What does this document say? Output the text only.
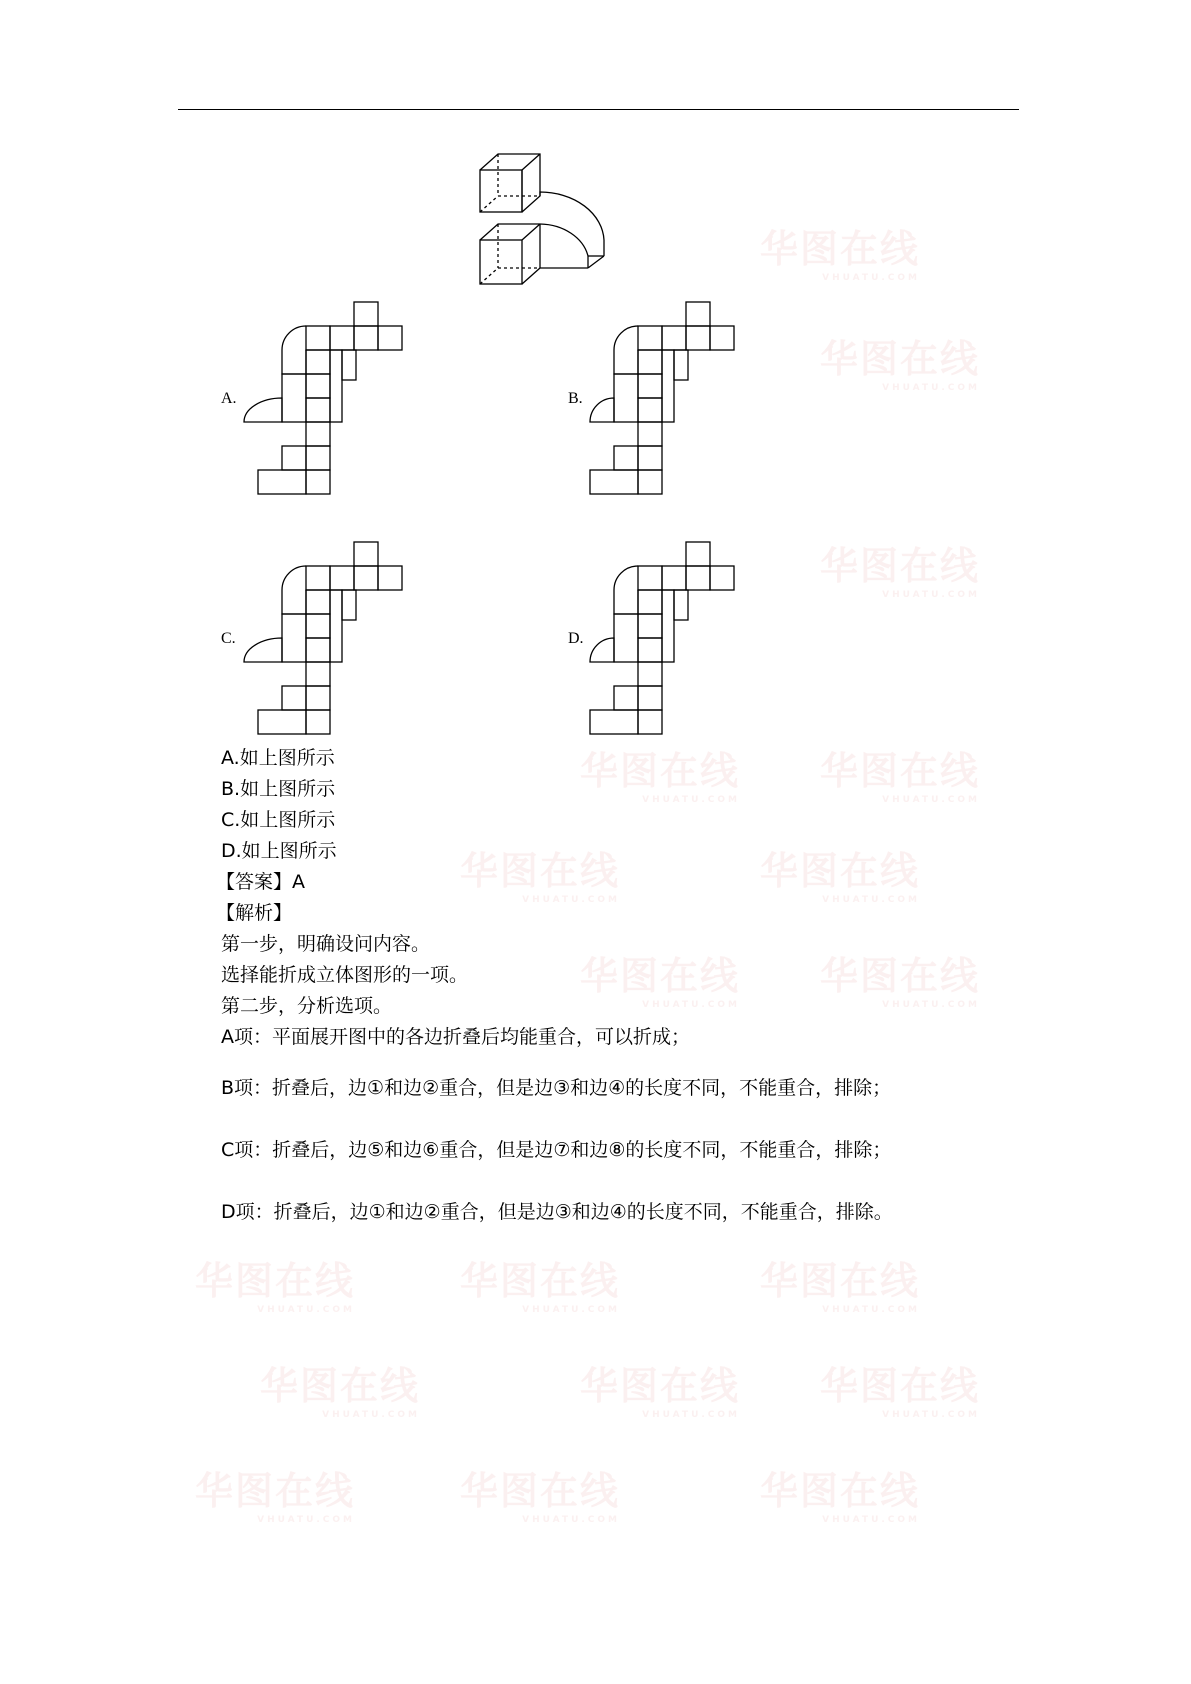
华图在线
VHUATU.COM
华图在线
VHUATU.COM
华图在线
VHUATU.COM
华图在线
VHUATU.COM
华图在线
VHUATU.COM
华图在线
VHUATU.COM
华图在线
VHUATU.COM
华图在线
VHUATU.COM
华图在线
VHUATU.COM
华图在线
VHUATU.COM
华图在线
VHUATU.COM
华图在线
VHUATU.COM
华图在线
VHUATU.COM
华图在线
VHUATU.COM
华图在线
VHUATU.COM
华图在线
VHUATU.COM
华图在线
VHUATU.COM
华图在线
VHUATU.COM
A.	B.
C.	D.
A.如上图所示
B.如上图所示
C.如上图所示
D.如上图所示
【答案】A
【解析】
第一步，明确设问内容。
选择能折成立体图形的一项。
第二步，分析选项。
A项：平面展开图中的各边折叠后均能重合，可以折成；
B项：折叠后，边①和边②重合，但是边③和边④的长度不同，不能重合，排除；
C项：折叠后，边⑤和边⑥重合，但是边⑦和边⑧的长度不同，不能重合，排除；
D项：折叠后，边①和边②重合，但是边③和边④的长度不同，不能重合，排除。
